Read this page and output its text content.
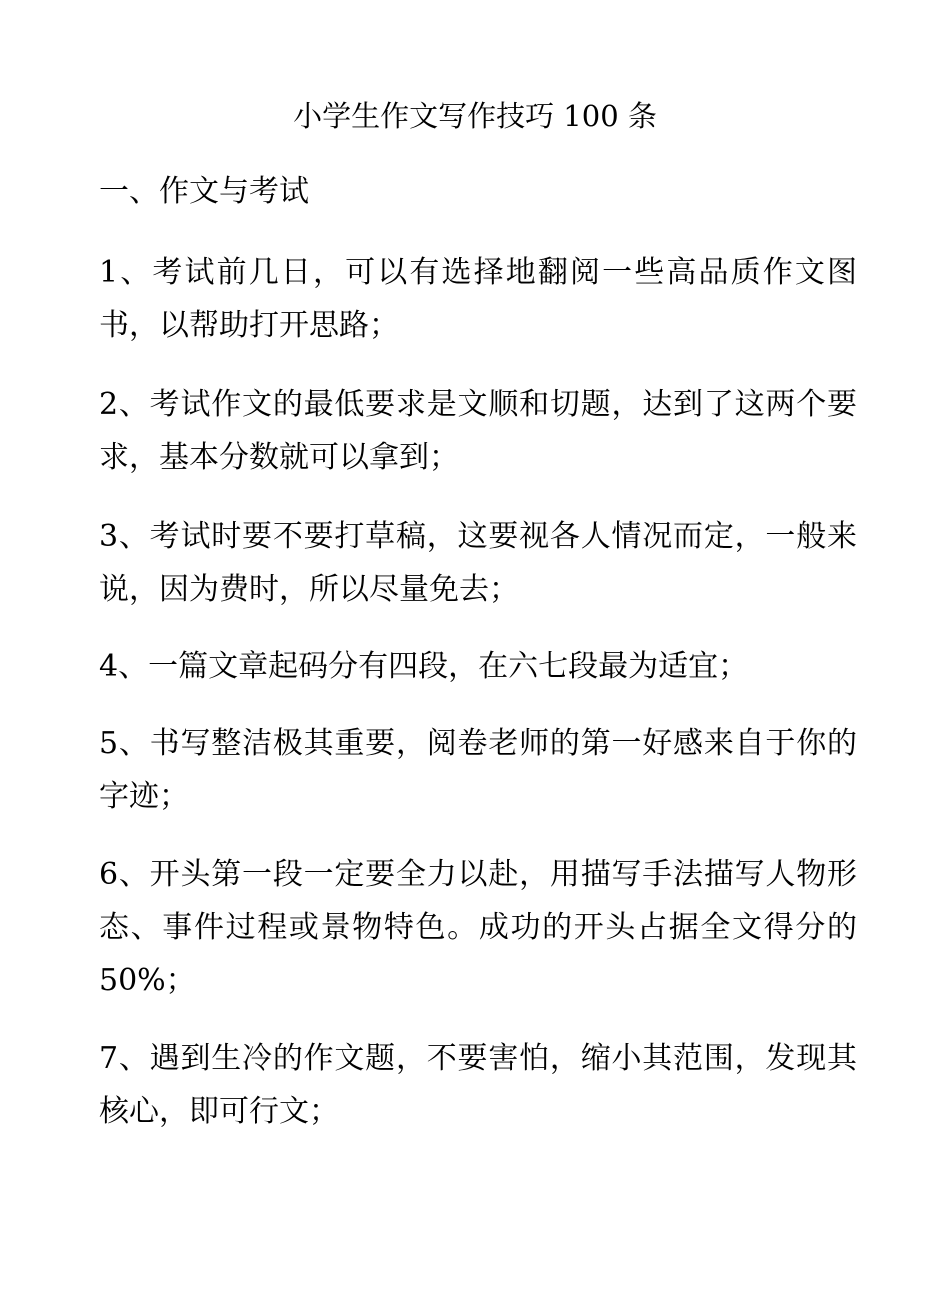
小学生作文写作技巧 100 条
一、作文与考试

1、考试前几日，可以有选择地翻阅一些高品质作文图书，以帮助打开思路；

2、考试作文的最低要求是文顺和切题，达到了这两个要求，基本分数就可以拿到；

3、考试时要不要打草稿，这要视各人情况而定，一般来说，因为费时，所以尽量免去；

4、一篇文章起码分有四段，在六七段最为适宜；

5、书写整洁极其重要，阅卷老师的第一好感来自于你的字迹；

6、开头第一段一定要全力以赴，用描写手法描写人物形态、事件过程或景物特色。成功的开头占据全文得分的 50%；

7、遇到生冷的作文题，不要害怕，缩小其范围，发现其核心，即可行文；
